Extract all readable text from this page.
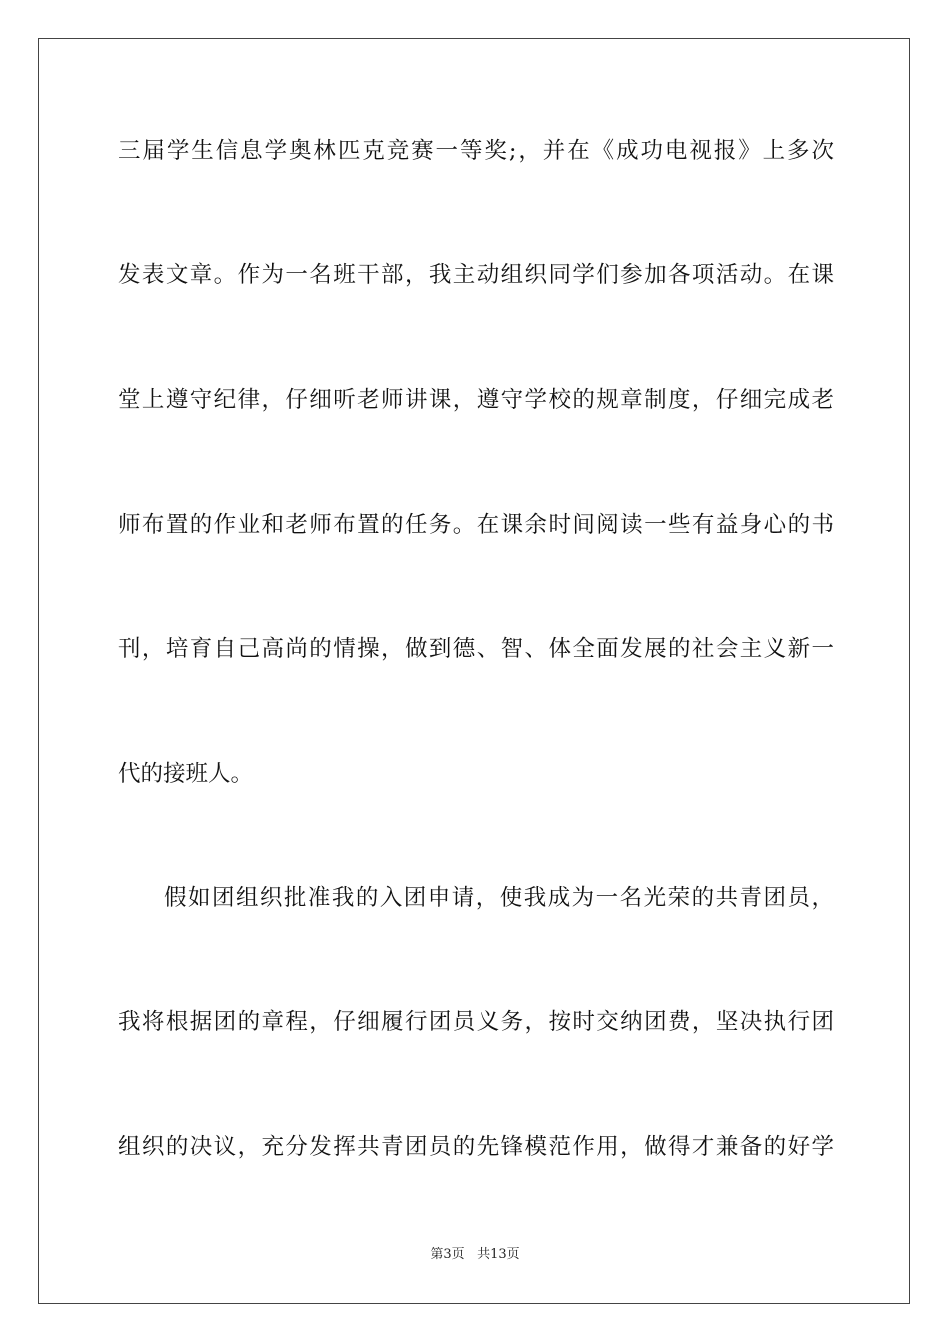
三届学生信息学奥林匹克竞赛一等奖;，并在《成功电视报》上多次
发表文章。作为一名班干部，我主动组织同学们参加各项活动。在课
堂上遵守纪律，仔细听老师讲课，遵守学校的规章制度，仔细完成老
师布置的作业和老师布置的任务。在课余时间阅读一些有益身心的书
刊，培育自己高尚的情操，做到德、智、体全面发展的社会主义新一
代的接班人。
假如团组织批准我的入团申请，使我成为一名光荣的共青团员，
我将根据团的章程，仔细履行团员义务，按时交纳团费，坚决执行团
组织的决议，充分发挥共青团员的先锋模范作用，做得才兼备的好学
第3页 共13页
